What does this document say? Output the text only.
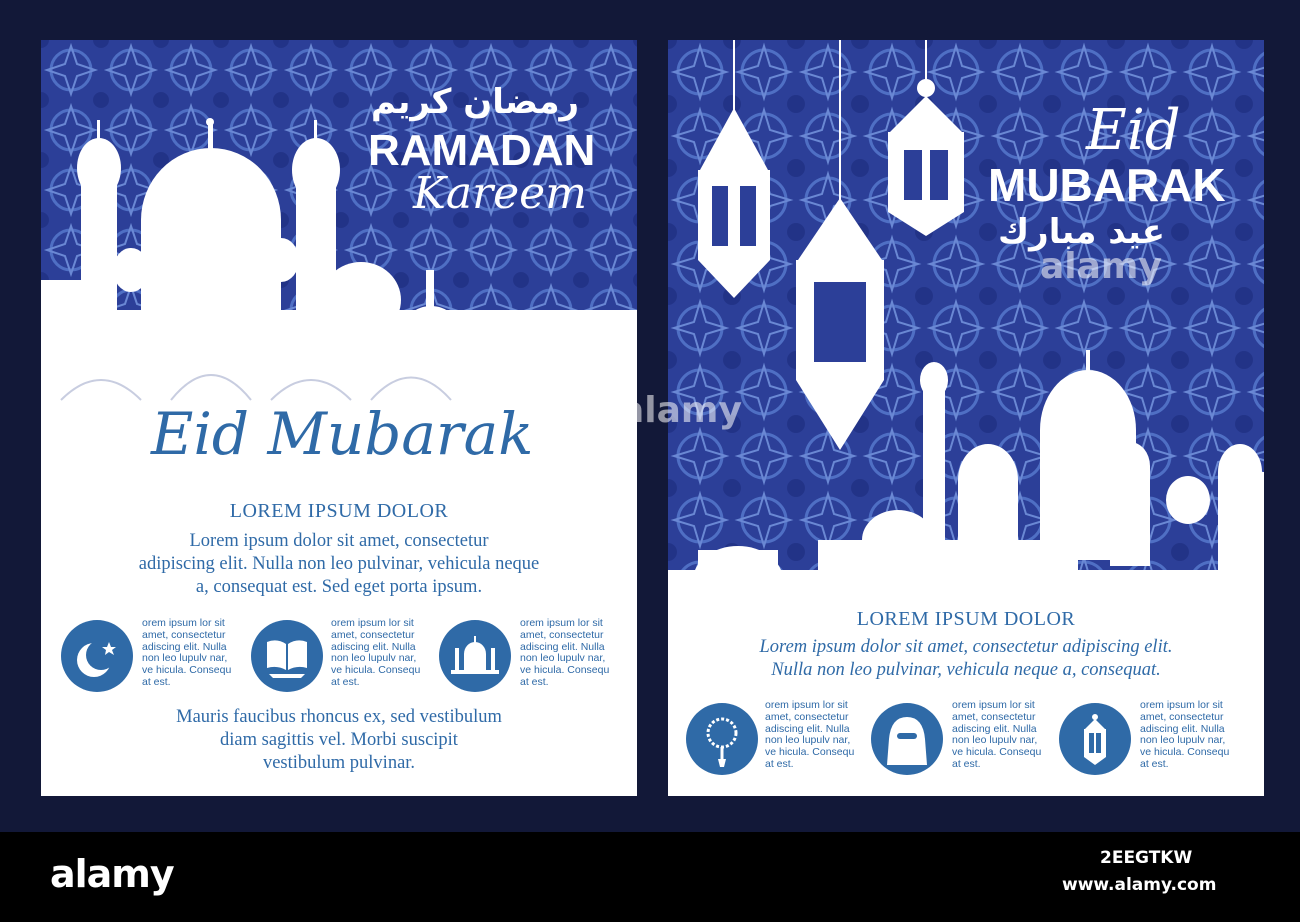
رمضان كريم
RAMADAN
Kareem
Eid Mubarak
LOREM IPSUM DOLOR
Lorem ipsum dolor sit amet, consectetur
adipiscing elit. Nulla non leo pulvinar, vehicula neque
a, consequat est. Sed eget porta ipsum.
orem ipsum lor sit
amet, consectetur
adiscing elit. Nulla
non leo lupulv nar,
ve hicula. Consequ
at est.
orem ipsum lor sit
amet, consectetur
adiscing elit. Nulla
non leo lupulv nar,
ve hicula. Consequ
at est.
orem ipsum lor sit
amet, consectetur
adiscing elit. Nulla
non leo lupulv nar,
ve hicula. Consequ
at est.
Mauris faucibus rhoncus ex, sed vestibulum
diam sagittis vel. Morbi suscipit
vestibulum pulvinar.
Eid
MUBARAK
عيد مبارك
LOREM IPSUM DOLOR
Lorem ipsum dolor sit amet, consectetur adipiscing elit.
Nulla non leo pulvinar, vehicula neque a, consequat.
orem ipsum lor sit
amet, consectetur
adiscing elit. Nulla
non leo lupulv nar,
ve hicula. Consequ
at est.
orem ipsum lor sit
amet, consectetur
adiscing elit. Nulla
non leo lupulv nar,
ve hicula. Consequ
at est.
orem ipsum lor sit
amet, consectetur
adiscing elit. Nulla
non leo lupulv nar,
ve hicula. Consequ
at est.
alamy
alamy
alamy	2EEGTKW
www.alamy.com
